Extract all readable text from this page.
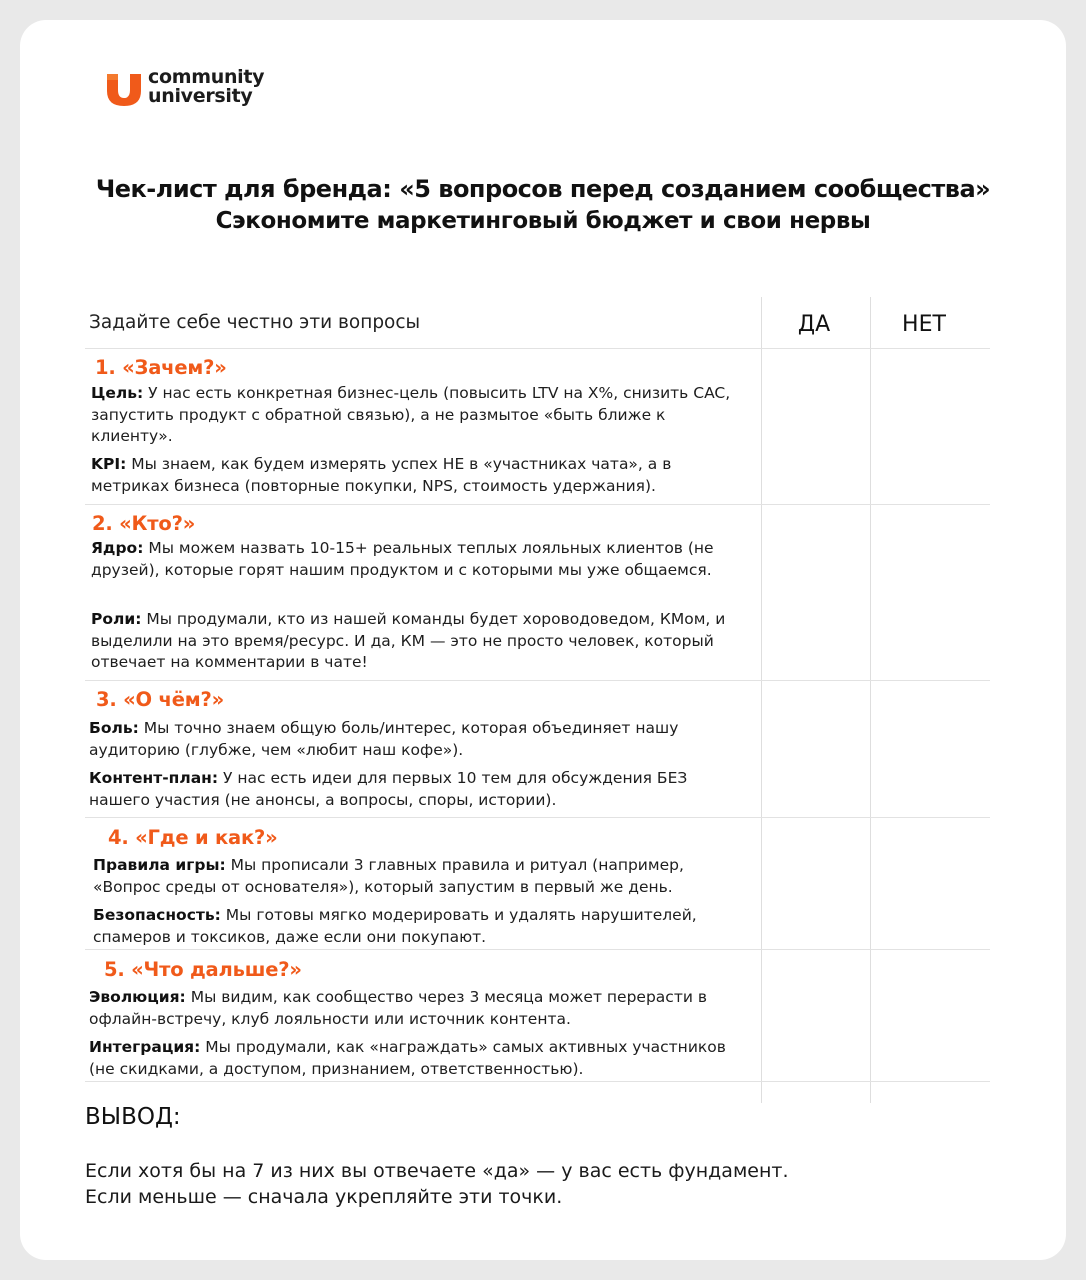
community
university
Чек-лист для бренда: «5 вопросов перед созданием сообщества»
Сэкономите маркетинговый бюджет и свои нервы
Задайте себе честно эти вопросы	ДА	НЕТ
1. «Зачем?»
Цель: У нас есть конкретная бизнес-цель (повысить LTV на X%, снизить CAC, запустить продукт с обратной связью), а не размытое «быть ближе к клиенту».
KPI: Мы знаем, как будем измерять успех НЕ в «участниках чата», а в метриках бизнеса (повторные покупки, NPS, стоимость удержания).
2. «Кто?»
Ядро: Мы можем назвать 10-15+ реальных теплых лояльных клиентов (не друзей), которые горят нашим продуктом и с которыми мы уже общаемся.
Роли: Мы продумали, кто из нашей команды будет хороводоведом, КМом, и выделили на это время/ресурс. И да, КМ — это не просто человек, который отвечает на комментарии в чате!
3. «О чём?»
Боль: Мы точно знаем общую боль/интерес, которая объединяет нашу аудиторию (глубже, чем «любит наш кофе»).
Контент-план: У нас есть идеи для первых 10 тем для обсуждения БЕЗ нашего участия (не анонсы, а вопросы, споры, истории).
4. «Где и как?»
Правила игры: Мы прописали 3 главных правила и ритуал (например, «Вопрос среды от основателя»), который запустим в первый же день.
Безопасность: Мы готовы мягко модерировать и удалять нарушителей, спамеров и токсиков, даже если они покупают.
5. «Что дальше?»
Эволюция: Мы видим, как сообщество через 3 месяца может перерасти в офлайн-встречу, клуб лояльности или источник контента.
Интеграция: Мы продумали, как «награждать» самых активных участников (не скидками, а доступом, признанием, ответственностью).
ВЫВОД:
Если хотя бы на 7 из них вы отвечаете «да» — у вас есть фундамент.
Если меньше — сначала укрепляйте эти точки.
